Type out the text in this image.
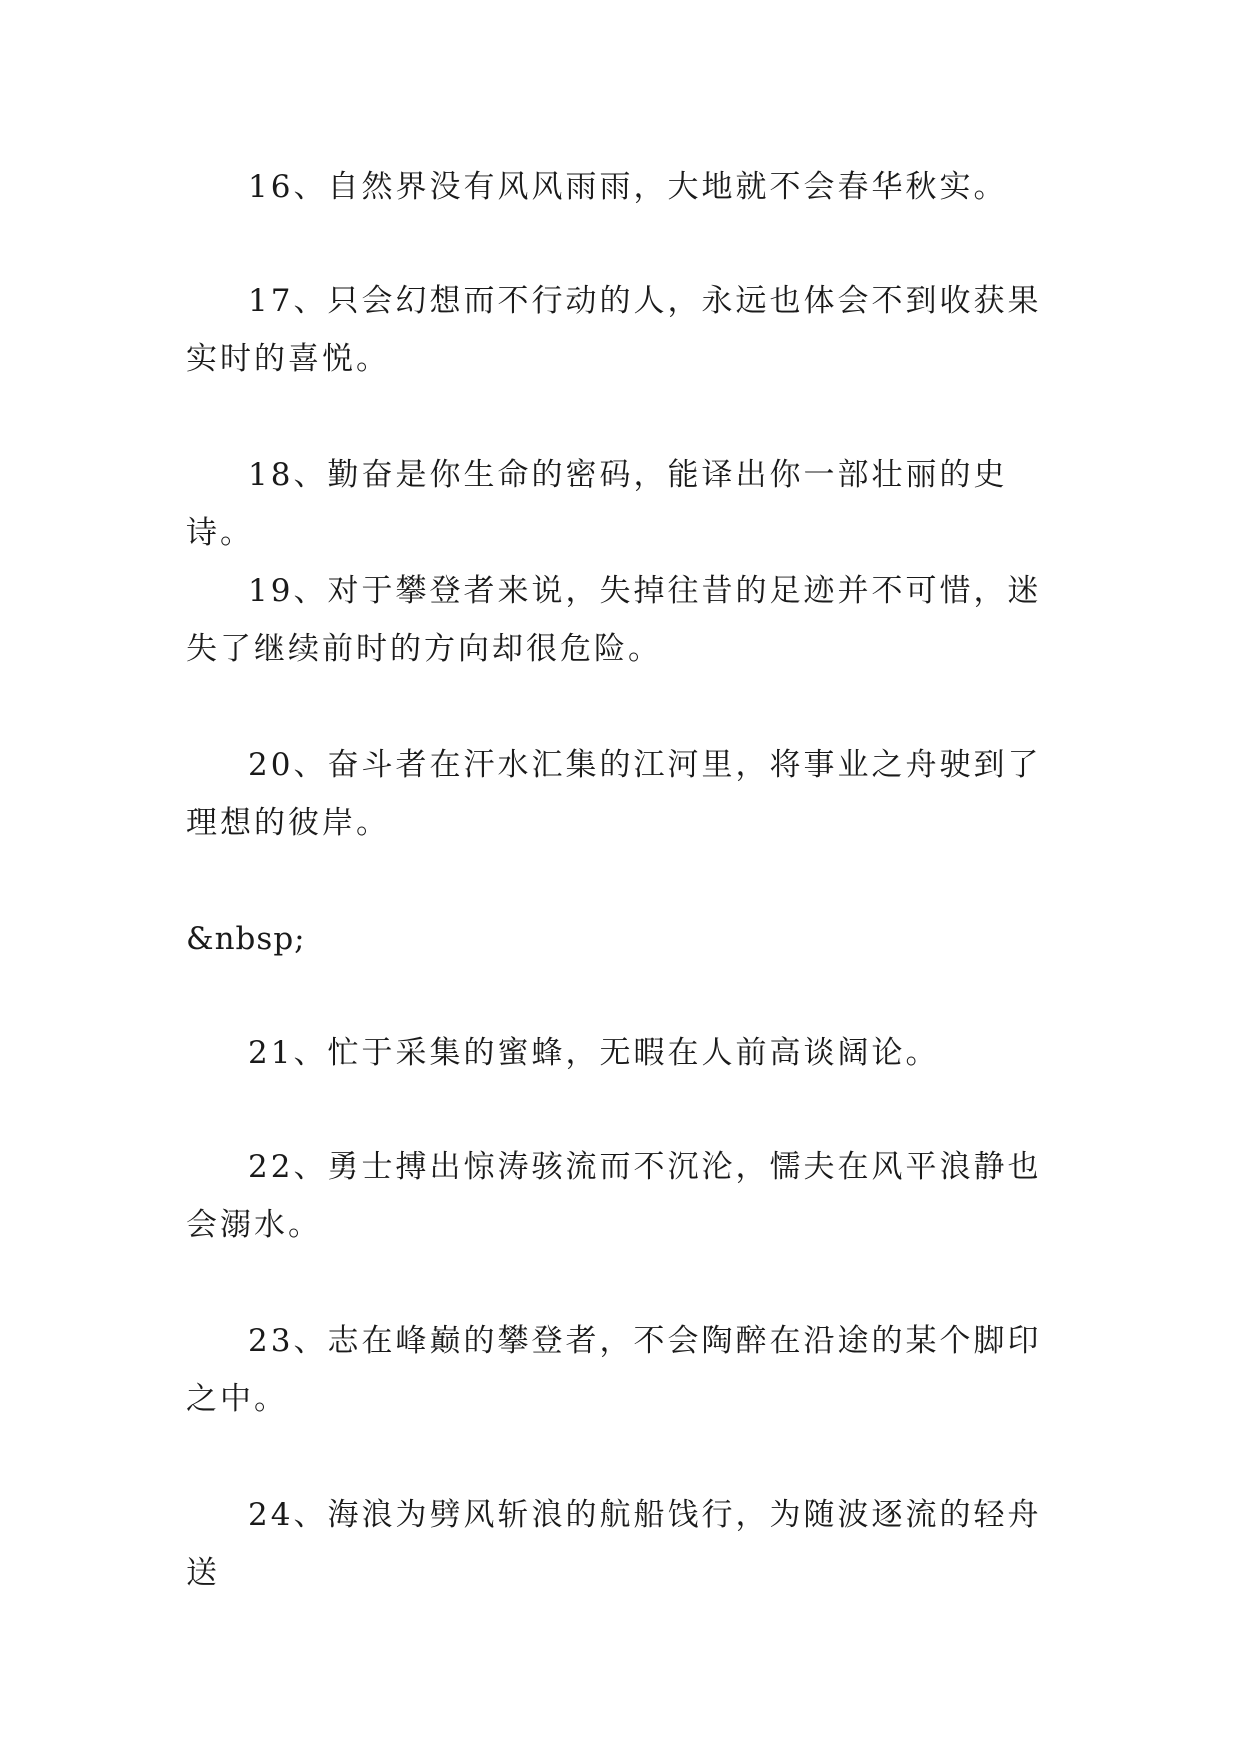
16、自然界没有风风雨雨，大地就不会春华秋实。

17、只会幻想而不行动的人，永远也体会不到收获果实时的喜悦。

18、勤奋是你生命的密码，能译出你一部壮丽的史诗。

19、对于攀登者来说，失掉往昔的足迹并不可惜，迷失了继续前时的方向却很危险。

20、奋斗者在汗水汇集的江河里，将事业之舟驶到了理想的彼岸。

&nbsp;

21、忙于采集的蜜蜂，无暇在人前高谈阔论。

22、勇士搏出惊涛骇流而不沉沦，懦夫在风平浪静也会溺水。

23、志在峰巅的攀登者，不会陶醉在沿途的某个脚印之中。

24、海浪为劈风斩浪的航船饯行，为随波逐流的轻舟送
